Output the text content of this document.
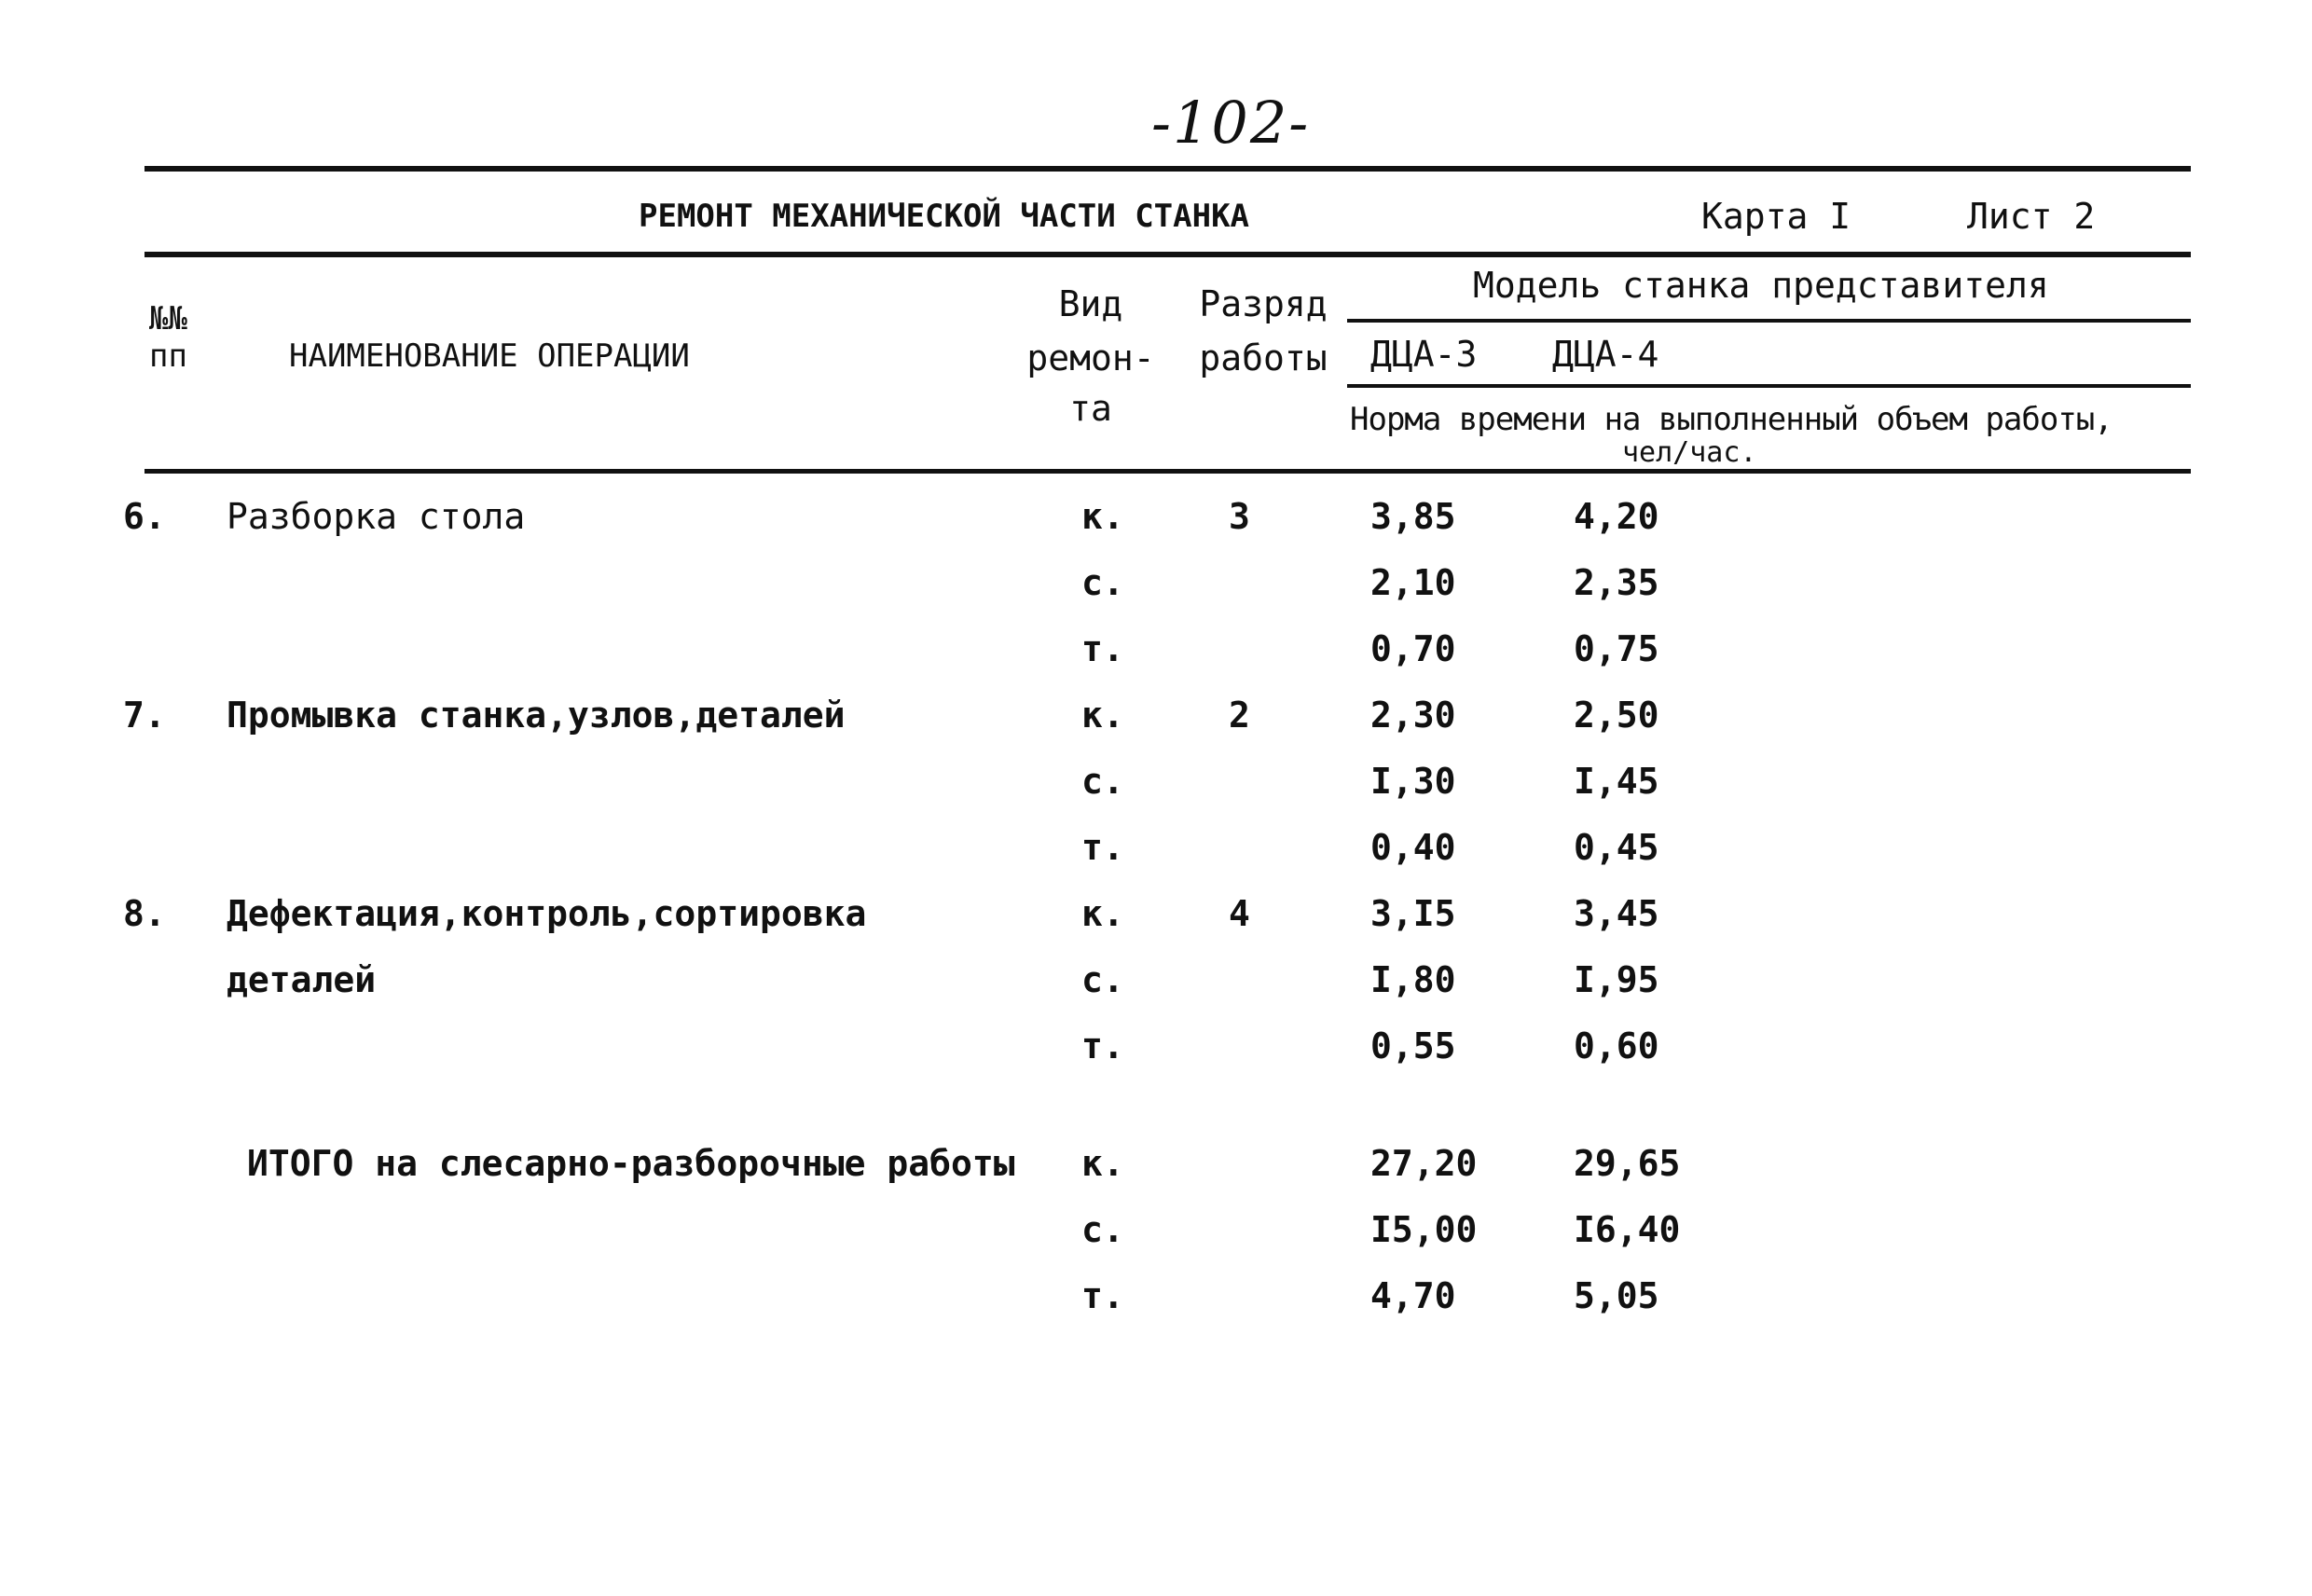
-102-
РЕМОНТ МЕХАНИЧЕСКОЙ ЧАСТИ СТАНКА	Карта I	Лист 2
№№
пп	НАИМЕНОВАНИЕ ОПЕРАЦИИ
Вид
ремон-
та
Разряд
работы
Модель станка представителя
ДЦА-3 ДЦА-4
Норма времени на выполненный объем работы,
чел/час.
6. Разборка стола	к.	3	3,85	4,20
с.	2,10	2,35
т.	0,70	0,75
7. Промывка станка,узлов,деталей	к.	2	2,30	2,50
с.	I,30	I,45
т.	0,40	0,45
8. Дефектация,контроль,сортировка	к.	4	3,I5	3,45
деталей	с.	I,80	I,95
т.	0,55	0,60
ИТОГО на слесарно-разборочные работы к.	27,20	29,65
с.	I5,00	I6,40
т.	4,70	5,05
